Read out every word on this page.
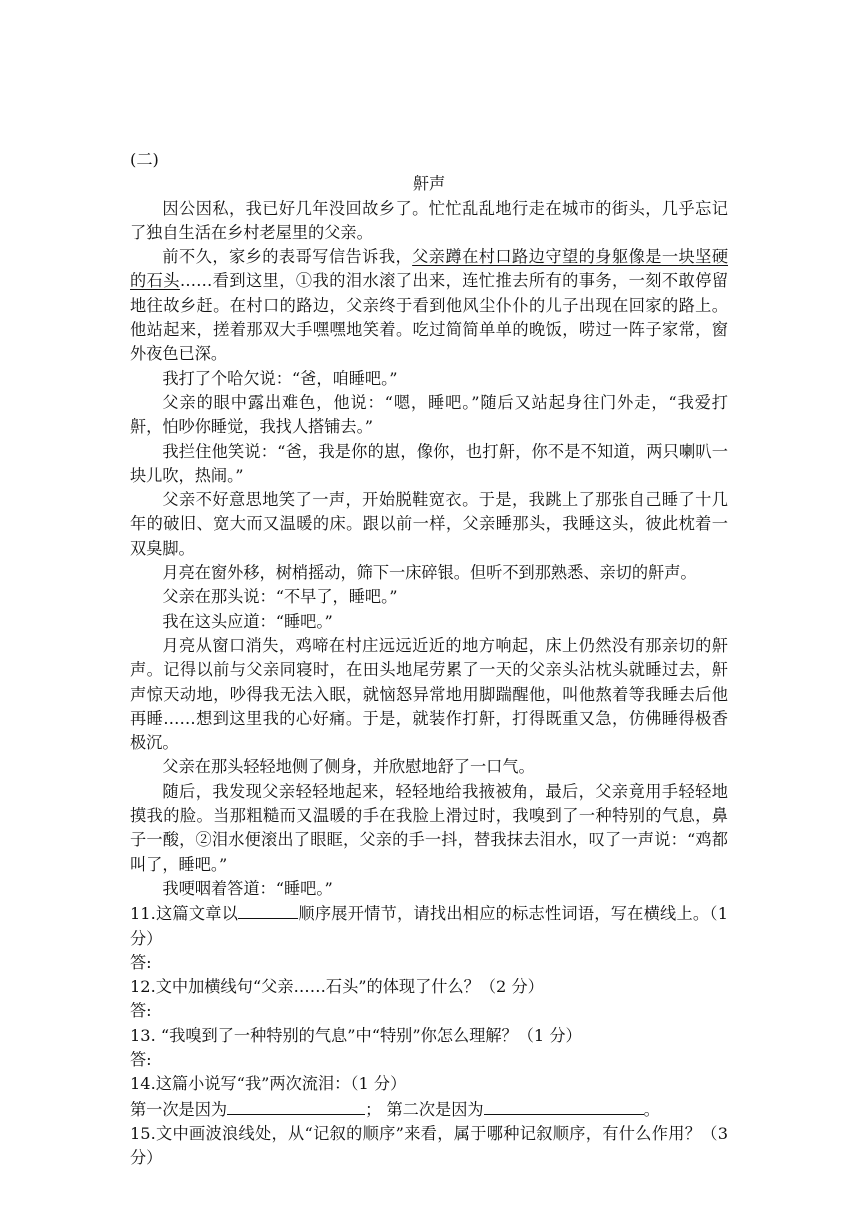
(二)
鼾声
因公因私，我已好几年没回故乡了。忙忙乱乱地行走在城市的街头，几乎忘记了独自生活在乡村老屋里的父亲。
前不久，家乡的表哥写信告诉我，父亲蹲在村口路边守望的身躯像是一块坚硬的石头……看到这里，①我的泪水滚了出来，连忙推去所有的事务，一刻不敢停留地往故乡赶。在村口的路边，父亲终于看到他风尘仆仆的儿子出现在回家的路上。他站起来，搓着那双大手嘿嘿地笑着。吃过简简单单的晚饭，唠过一阵子家常，窗外夜色已深。
我打了个哈欠说：“爸，咱睡吧。”
父亲的眼中露出难色，他说：“嗯，睡吧。”随后又站起身往门外走，“我爱打鼾，怕吵你睡觉，我找人搭铺去。”
我拦住他笑说：“爸，我是你的崽，像你，也打鼾，你不是不知道，两只喇叭一块儿吹，热闹。”
父亲不好意思地笑了一声，开始脱鞋宽衣。于是，我跳上了那张自己睡了十几年的破旧、宽大而又温暖的床。跟以前一样，父亲睡那头，我睡这头，彼此枕着一双臭脚。
月亮在窗外移，树梢摇动，筛下一床碎银。但听不到那熟悉、亲切的鼾声。
父亲在那头说：“不早了，睡吧。”
我在这头应道：“睡吧。”
月亮从窗口消失，鸡啼在村庄远远近近的地方响起，床上仍然没有那亲切的鼾声。记得以前与父亲同寝时，在田头地尾劳累了一天的父亲头沾枕头就睡过去，鼾声惊天动地，吵得我无法入眠，就恼怒异常地用脚踹醒他，叫他熬着等我睡去后他再睡……想到这里我的心好痛。于是，就装作打鼾，打得既重又急，仿佛睡得极香极沉。
父亲在那头轻轻地侧了侧身，并欣慰地舒了一口气。
随后，我发现父亲轻轻地起来，轻轻地给我掖被角，最后，父亲竟用手轻轻地摸我的脸。当那粗糙而又温暖的手在我脸上滑过时，我嗅到了一种特别的气息，鼻子一酸，②泪水便滚出了眼眶，父亲的手一抖，替我抹去泪水，叹了一声说：“鸡都叫了，睡吧。”
我哽咽着答道：“睡吧。”
11.这篇文章以	顺序展开情节，请找出相应的标志性词语，写在横线上。（1 分）
答:
12.文中加横线句“父亲……石头”的体现了什么？（2 分）
答:
13. “我嗅到了一种特别的气息”中“特别”你怎么理解？（1 分）
答:
14.这篇小说写“我”两次流泪：（1 分）
第一次是因为	； 第二次是因为	。
15.文中画波浪线处，从“记叙的顺序”来看，属于哪种记叙顺序，有什么作用？（3 分）
